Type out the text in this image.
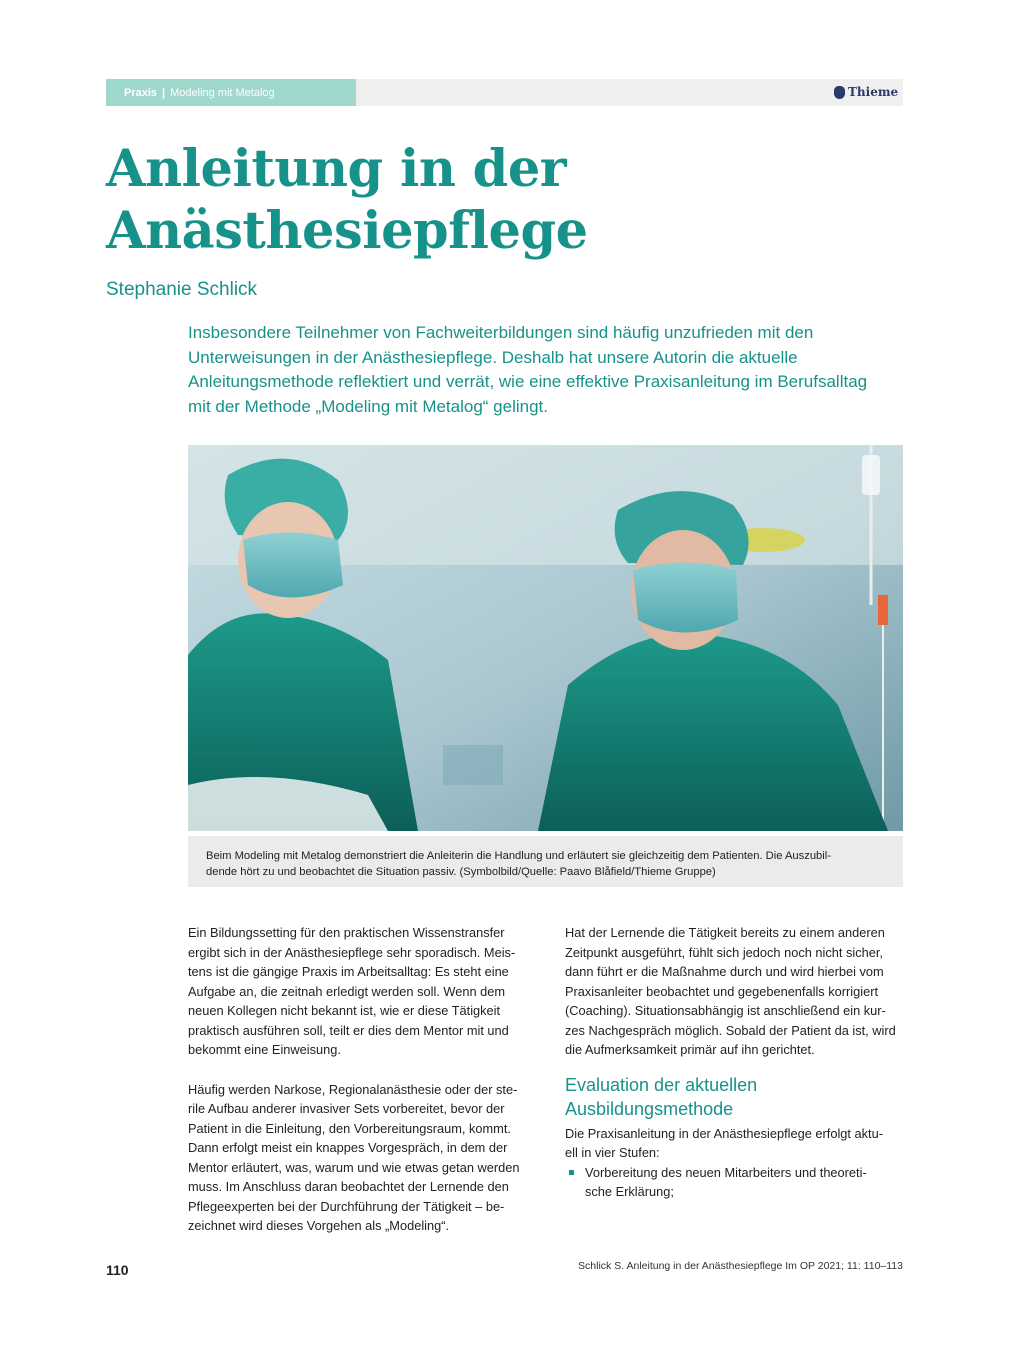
Praxis | Modeling mit Metalog	Thieme
Anleitung in der
Anästhesiepflege
Stephanie Schlick

Insbesondere Teilnehmer von Fachweiterbildungen sind häufig unzufrieden mit den
Unterweisungen in der Anästhesiepflege. Deshalb hat unsere Autorin die aktuelle
Anleitungsmethode reflektiert und verrät, wie eine effektive Praxisanleitung im Berufsalltag
mit der Methode „Modeling mit Metalog“ gelingt.

Beim Modeling mit Metalog demonstriert die Anleiterin die Handlung und erläutert sie gleichzeitig dem Patienten. Die Auszubil-
dende hört zu und beobachtet die Situation passiv. (Symbolbild/Quelle: Paavo Blåfield/Thieme Gruppe)

Ein Bildungssetting für den praktischen Wissenstransfer
ergibt sich in der Anästhesiepflege sehr sporadisch. Meis-
tens ist die gängige Praxis im Arbeitsalltag: Es steht eine
Aufgabe an, die zeitnah erledigt werden soll. Wenn dem
neuen Kollegen nicht bekannt ist, wie er diese Tätigkeit
praktisch ausführen soll, teilt er dies dem Mentor mit und
bekommt eine Einweisung.

Häufig werden Narkose, Regionalanästhesie oder der ste-
rile Aufbau anderer invasiver Sets vorbereitet, bevor der
Patient in die Einleitung, den Vorbereitungsraum, kommt.
Dann erfolgt meist ein knappes Vorgespräch, in dem der
Mentor erläutert, was, warum und wie etwas getan werden
muss. Im Anschluss daran beobachtet der Lernende den
Pflegeexperten bei der Durchführung der Tätigkeit – be-
zeichnet wird dieses Vorgehen als „Modeling“.

Hat der Lernende die Tätigkeit bereits zu einem anderen
Zeitpunkt ausgeführt, fühlt sich jedoch noch nicht sicher,
dann führt er die Maßnahme durch und wird hierbei vom
Praxisanleiter beobachtet und gegebenenfalls korrigiert
(Coaching). Situationsabhängig ist anschließend ein kur-
zes Nachgespräch möglich. Sobald der Patient da ist, wird
die Aufmerksamkeit primär auf ihn gerichtet.

Evaluation der aktuellen
Ausbildungsmethode

Die Praxisanleitung in der Anästhesiepflege erfolgt aktu-
ell in vier Stufen:

Vorbereitung des neuen Mitarbeiters und theoreti-
sche Erklärung;
110	Schlick S. Anleitung in der Anästhesiepflege Im OP 2021; 11: 110–113
